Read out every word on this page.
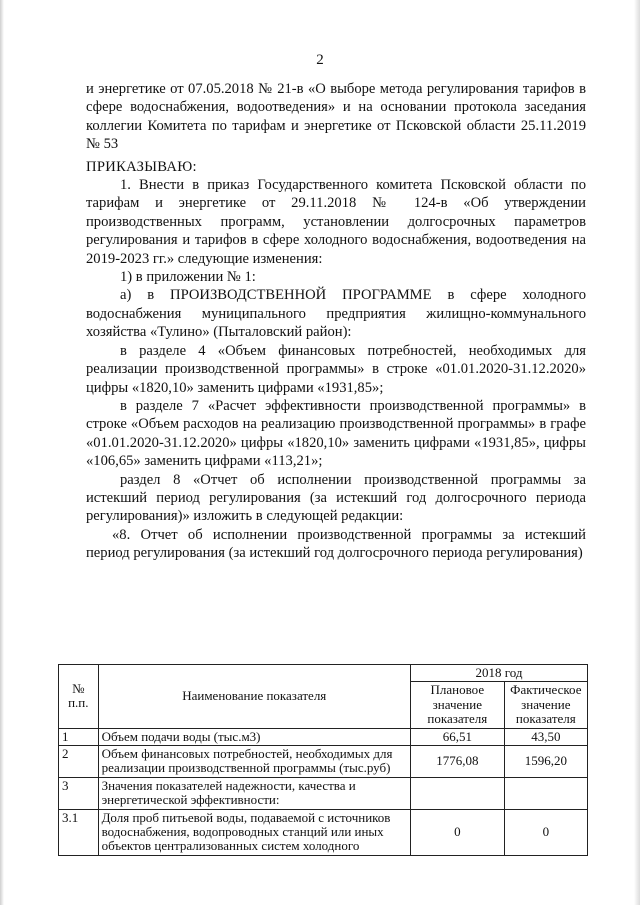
2

и энергетике от 07.05.2018 № 21-в «О выборе метода регулирования тарифов в сфере водоснабжения, водоотведения» и на основании протокола заседания коллегии Комитета по тарифам и энергетике от Псковской области 25.11.2019 № 53

ПРИКАЗЫВАЮ:

1. Внести в приказ Государственного комитета Псковской области по тарифам и энергетике от 29.11.2018 № 124-в «Об утверждении производственных программ, установлении долгосрочных параметров регулирования и тарифов в сфере холодного водоснабжения, водоотведения на 2019-2023 гг.» следующие изменения:

1) в приложении № 1:

а) в ПРОИЗВОДСТВЕННОЙ ПРОГРАММЕ в сфере холодного водоснабжения муниципального предприятия жилищно-коммунального хозяйства «Тулино» (Пыталовский район):

в разделе 4 «Объем финансовых потребностей, необходимых для реализации производственной программы» в строке «01.01.2020-31.12.2020» цифры «1820,10» заменить цифрами «1931,85»;

в разделе 7 «Расчет эффективности производственной программы» в строке «Объем расходов на реализацию производственной программы» в графе «01.01.2020-31.12.2020» цифры «1820,10» заменить цифрами «1931,85», цифры «106,65» заменить цифрами «113,21»;

раздел 8 «Отчет об исполнении производственной программы за истекший период регулирования (за истекший год долгосрочного периода регулирования)» изложить в следующей редакции:

«8. Отчет об исполнении производственной программы за истекший период регулирования (за истекший год долгосрочного периода регулирования)

№ п.п.	Наименование показателя	2018 год	
		Плановое значение показателя	Фактическое значение показателя
1	Объем подачи воды (тыс.м3)	66,51	43,50
2	Объем финансовых потребностей, необходимых для реализации производственной программы (тыс.руб)	1776,08	1596,20
3	Значения показателей надежности, качества и энергетической эффективности:		
3.1	Доля проб питьевой воды, подаваемой с источников водоснабжения, водопроводных станций или иных объектов централизованных систем холодного	0	0
